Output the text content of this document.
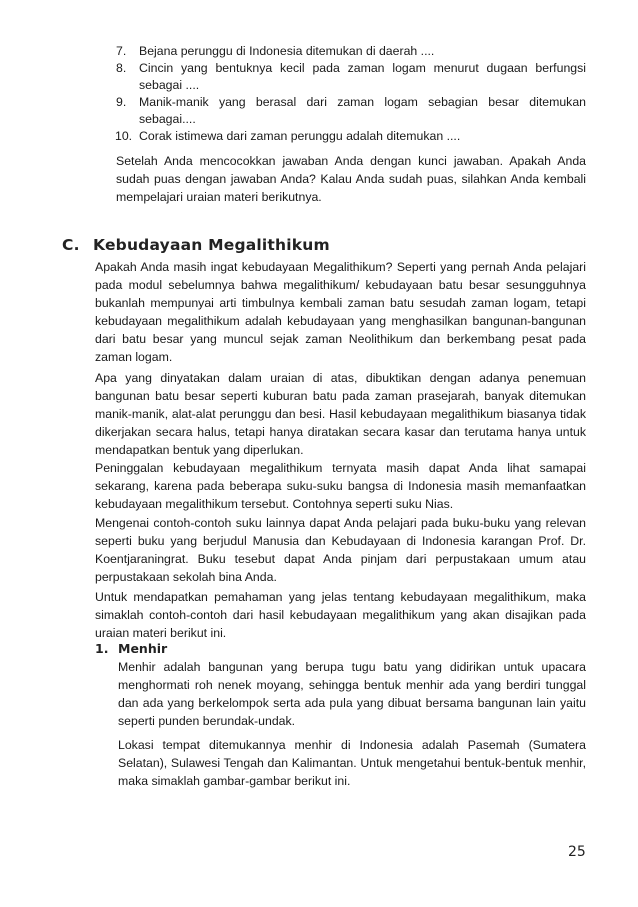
7. Bejana perunggu di Indonesia ditemukan di daerah ....
8. Cincin yang bentuknya kecil pada zaman logam menurut dugaan berfungsi sebagai ....
9. Manik-manik yang berasal dari zaman logam sebagian besar ditemukan sebagai....
10. Corak istimewa dari zaman perunggu adalah ditemukan ....

Setelah Anda mencocokkan jawaban Anda dengan kunci jawaban. Apakah Anda sudah puas dengan jawaban Anda? Kalau Anda sudah puas, silahkan Anda kembali mempelajari uraian materi berikutnya.

C. Kebudayaan Megalithikum

Apakah Anda masih ingat kebudayaan Megalithikum? Seperti yang pernah Anda pelajari pada modul sebelumnya bahwa megalithikum/ kebudayaan batu besar sesungguhnya bukanlah mempunyai arti timbulnya kembali zaman batu sesudah zaman logam, tetapi kebudayaan megalithikum adalah kebudayaan yang menghasilkan bangunan-bangunan dari batu besar yang muncul sejak zaman Neolithikum dan berkembang pesat pada zaman logam.

Apa yang dinyatakan dalam uraian di atas, dibuktikan dengan adanya penemuan bangunan batu besar seperti kuburan batu pada zaman prasejarah, banyak ditemukan manik-manik, alat-alat perunggu dan besi. Hasil kebudayaan megalithikum biasanya tidak dikerjakan secara halus, tetapi hanya diratakan secara kasar dan terutama hanya untuk mendapatkan bentuk yang diperlukan.

Peninggalan kebudayaan megalithikum ternyata masih dapat Anda lihat samapai sekarang, karena pada beberapa suku-suku bangsa di Indonesia masih memanfaatkan kebudayaan megalithikum tersebut. Contohnya seperti suku Nias.

Mengenai contoh-contoh suku lainnya dapat Anda pelajari pada buku-buku yang relevan seperti buku yang berjudul Manusia dan Kebudayaan di Indonesia karangan Prof. Dr. Koentjaraningrat. Buku tesebut dapat Anda pinjam dari perpustakaan umum atau perpustakaan sekolah bina Anda.

Untuk mendapatkan pemahaman yang jelas tentang kebudayaan megalithikum, maka simaklah contoh-contoh dari hasil kebudayaan megalithikum yang akan disajikan pada uraian materi berikut ini.

1. Menhir

Menhir adalah bangunan yang berupa tugu batu yang didirikan untuk upacara menghormati roh nenek moyang, sehingga bentuk menhir ada yang berdiri tunggal dan ada yang berkelompok serta ada pula yang dibuat bersama bangunan lain yaitu seperti punden berundak-undak.

Lokasi tempat ditemukannya menhir di Indonesia adalah Pasemah (Sumatera Selatan), Sulawesi Tengah dan Kalimantan. Untuk mengetahui bentuk-bentuk menhir, maka simaklah gambar-gambar berikut ini.

25
